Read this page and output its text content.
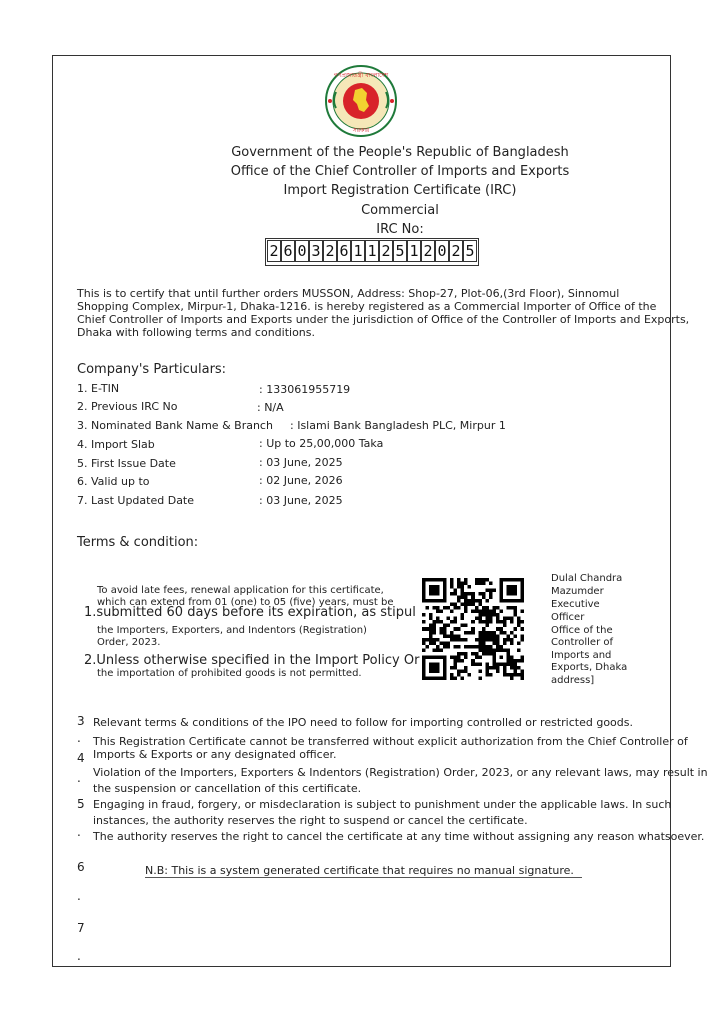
গণপ্রজাতন্ত্রী বাংলাদেশ
সরকার
Government of the People's Republic of Bangladesh
Office of the Chief Controller of Imports and Exports
Import Registration Certificate (IRC)
Commercial
IRC No:
2 6 0 3 2 6 1 1 2 5 1 2 0 2 5
This is to certify that until further orders MUSSON, Address: Shop-27, Plot-06,(3rd Floor), Sinnomul
Shopping Complex, Mirpur-1, Dhaka-1216. is hereby registered as a Commercial Importer of Office of the
Chief Controller of Imports and Exports under the jurisdiction of Office of the Controller of Imports and Exports,
Dhaka with following terms and conditions.
Company's Particulars:
1. E-TIN	: 133061955719
2. Previous IRC No	: N/A
3. Nominated Bank Name & Branch : Islami Bank Bangladesh PLC, Mirpur 1
4. Import Slab	: Up to 25,00,000 Taka
5. First Issue Date	: 03 June, 2025
6. Valid up to	: 02 June, 2026
7. Last Updated Date	: 03 June, 2025
Terms & condition:
To avoid late fees, renewal application for this certificate,
which can extend from 01 (one) to 05 (five) years, must be
1.submitted 60 days before its expiration, as stipul
the Importers, Exporters, and Indentors (Registration)
Order, 2023.
2.Unless otherwise specified in the Import Policy Or
the importation of prohibited goods is not permitted.
Dulal Chandra
Mazumder
Executive
Officer
Office of the
Controller of
Imports and
Exports, Dhaka
address]
3
.
4
.
5
.
6
.
7
.
Relevant terms & conditions of the IPO need to follow for importing controlled or restricted goods.
This Registration Certificate cannot be transferred without explicit authorization from the Chief Controller of
Imports & Exports or any designated officer.
Violation of the Importers, Exporters & Indentors (Registration) Order, 2023, or any relevant laws, may result in
the suspension or cancellation of this certificate.
Engaging in fraud, forgery, or misdeclaration is subject to punishment under the applicable laws. In such
instances, the authority reserves the right to suspend or cancel the certificate.
The authority reserves the right to cancel the certificate at any time without assigning any reason whatsoever.
N.B: This is a system generated certificate that requires no manual signature.
